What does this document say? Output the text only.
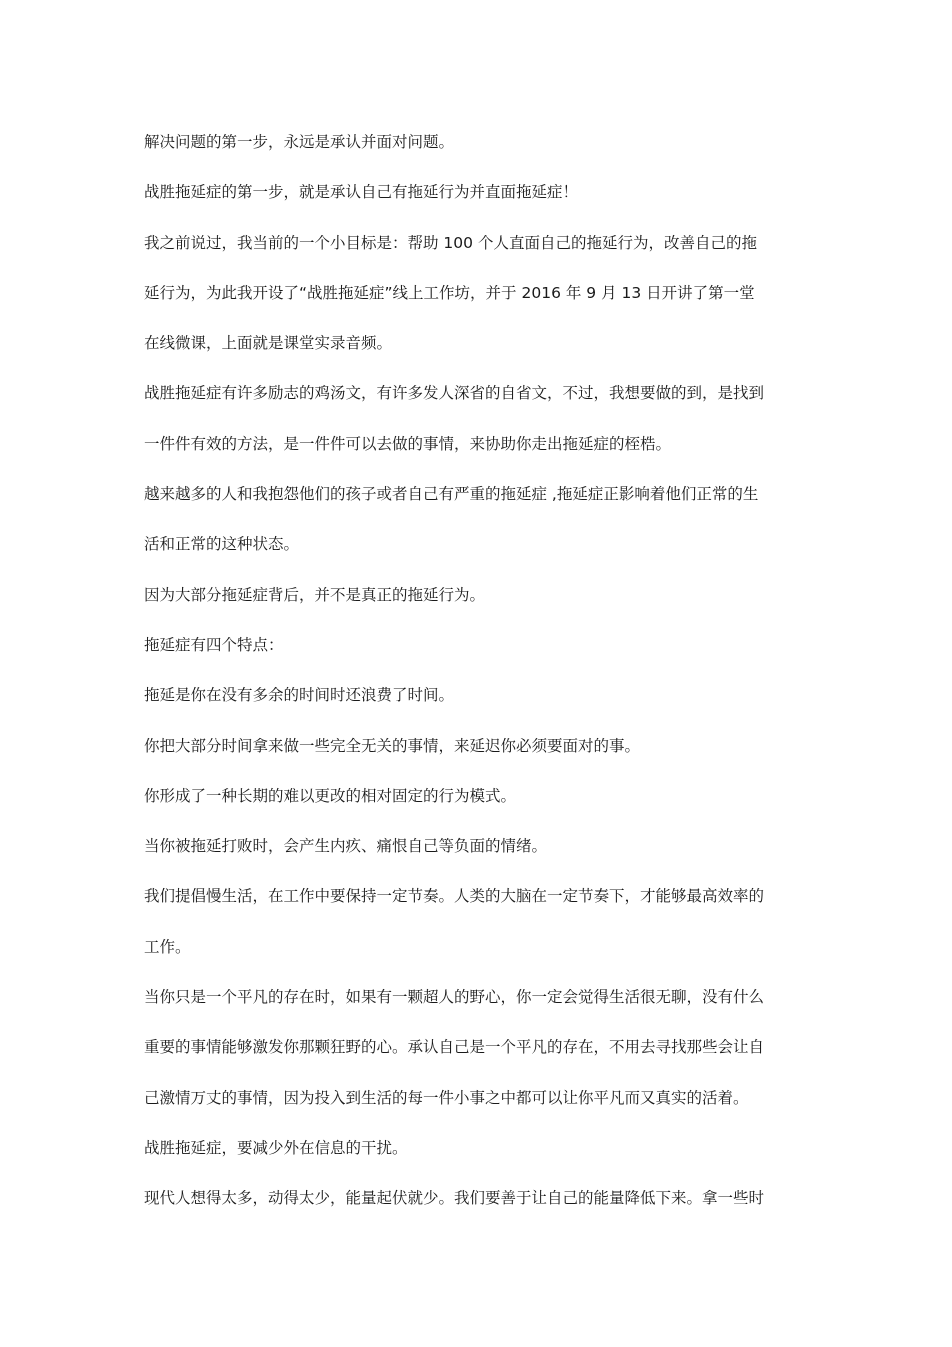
解决问题的第一步，永远是承认并面对问题。
战胜拖延症的第一步，就是承认自己有拖延行为并直面拖延症！
我之前说过，我当前的一个小目标是：帮助 100 个人直面自己的拖延行为，改善自己的拖
延行为，为此我开设了“战胜拖延症”线上工作坊，并于 2016 年 9 月 13 日开讲了第一堂
在线微课，上面就是课堂实录音频。
战胜拖延症有许多励志的鸡汤文，有许多发人深省的自省文，不过，我想要做的到，是找到
一件件有效的方法，是一件件可以去做的事情，来协助你走出拖延症的桎梏。
越来越多的人和我抱怨他们的孩子或者自己有严重的拖延症 ,拖延症正影响着他们正常的生
活和正常的这种状态。
因为大部分拖延症背后，并不是真正的拖延行为。
拖延症有四个特点：
拖延是你在没有多余的时间时还浪费了时间。
你把大部分时间拿来做一些完全无关的事情，来延迟你必须要面对的事。
你形成了一种长期的难以更改的相对固定的行为模式。
当你被拖延打败时，会产生内疚、痛恨自己等负面的情绪。
我们提倡慢生活，在工作中要保持一定节奏。人类的大脑在一定节奏下，才能够最高效率的
工作。
当你只是一个平凡的存在时，如果有一颗超人的野心，你一定会觉得生活很无聊，没有什么
重要的事情能够激发你那颗狂野的心。承认自己是一个平凡的存在，不用去寻找那些会让自
己激情万丈的事情，因为投入到生活的每一件小事之中都可以让你平凡而又真实的活着。
战胜拖延症，要减少外在信息的干扰。
现代人想得太多，动得太少，能量起伏就少。我们要善于让自己的能量降低下来。拿一些时
